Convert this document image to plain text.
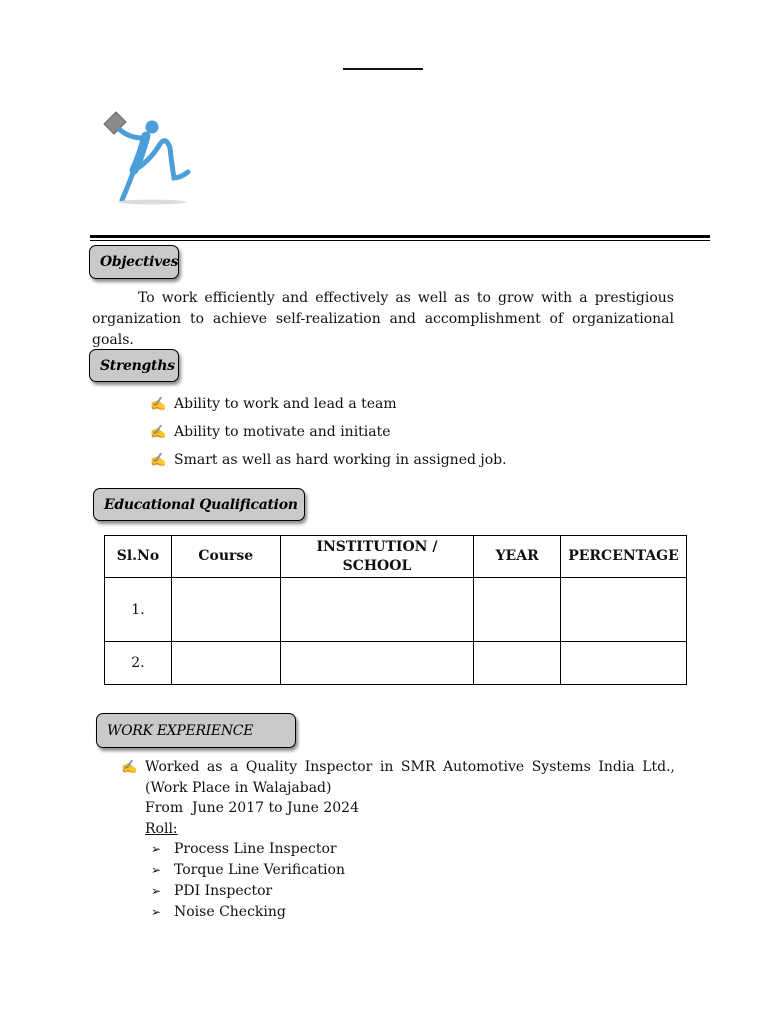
Objectives

To work efficiently and effectively as well as to grow with a prestigious organization to achieve self-realization and accomplishment of organizational goals.

Strengths
✍ Ability to work and lead a team
✍ Ability to motivate and initiate
✍ Smart as well as hard working in assigned job.
Educational Qualification
Sl.No	Course	INSTITUTION / SCHOOL	YEAR	PERCENTAGE
1.				
2.				
WORK EXPERIENCE
✍ Worked as a Quality Inspector in SMR Automotive Systems India Ltd.,
(Work Place in Walajabad)
From  June 2017 to June 2024
Roll:
➢ Process Line Inspector
➢ Torque Line Verification
➢ PDI Inspector
➢ Noise Checking
